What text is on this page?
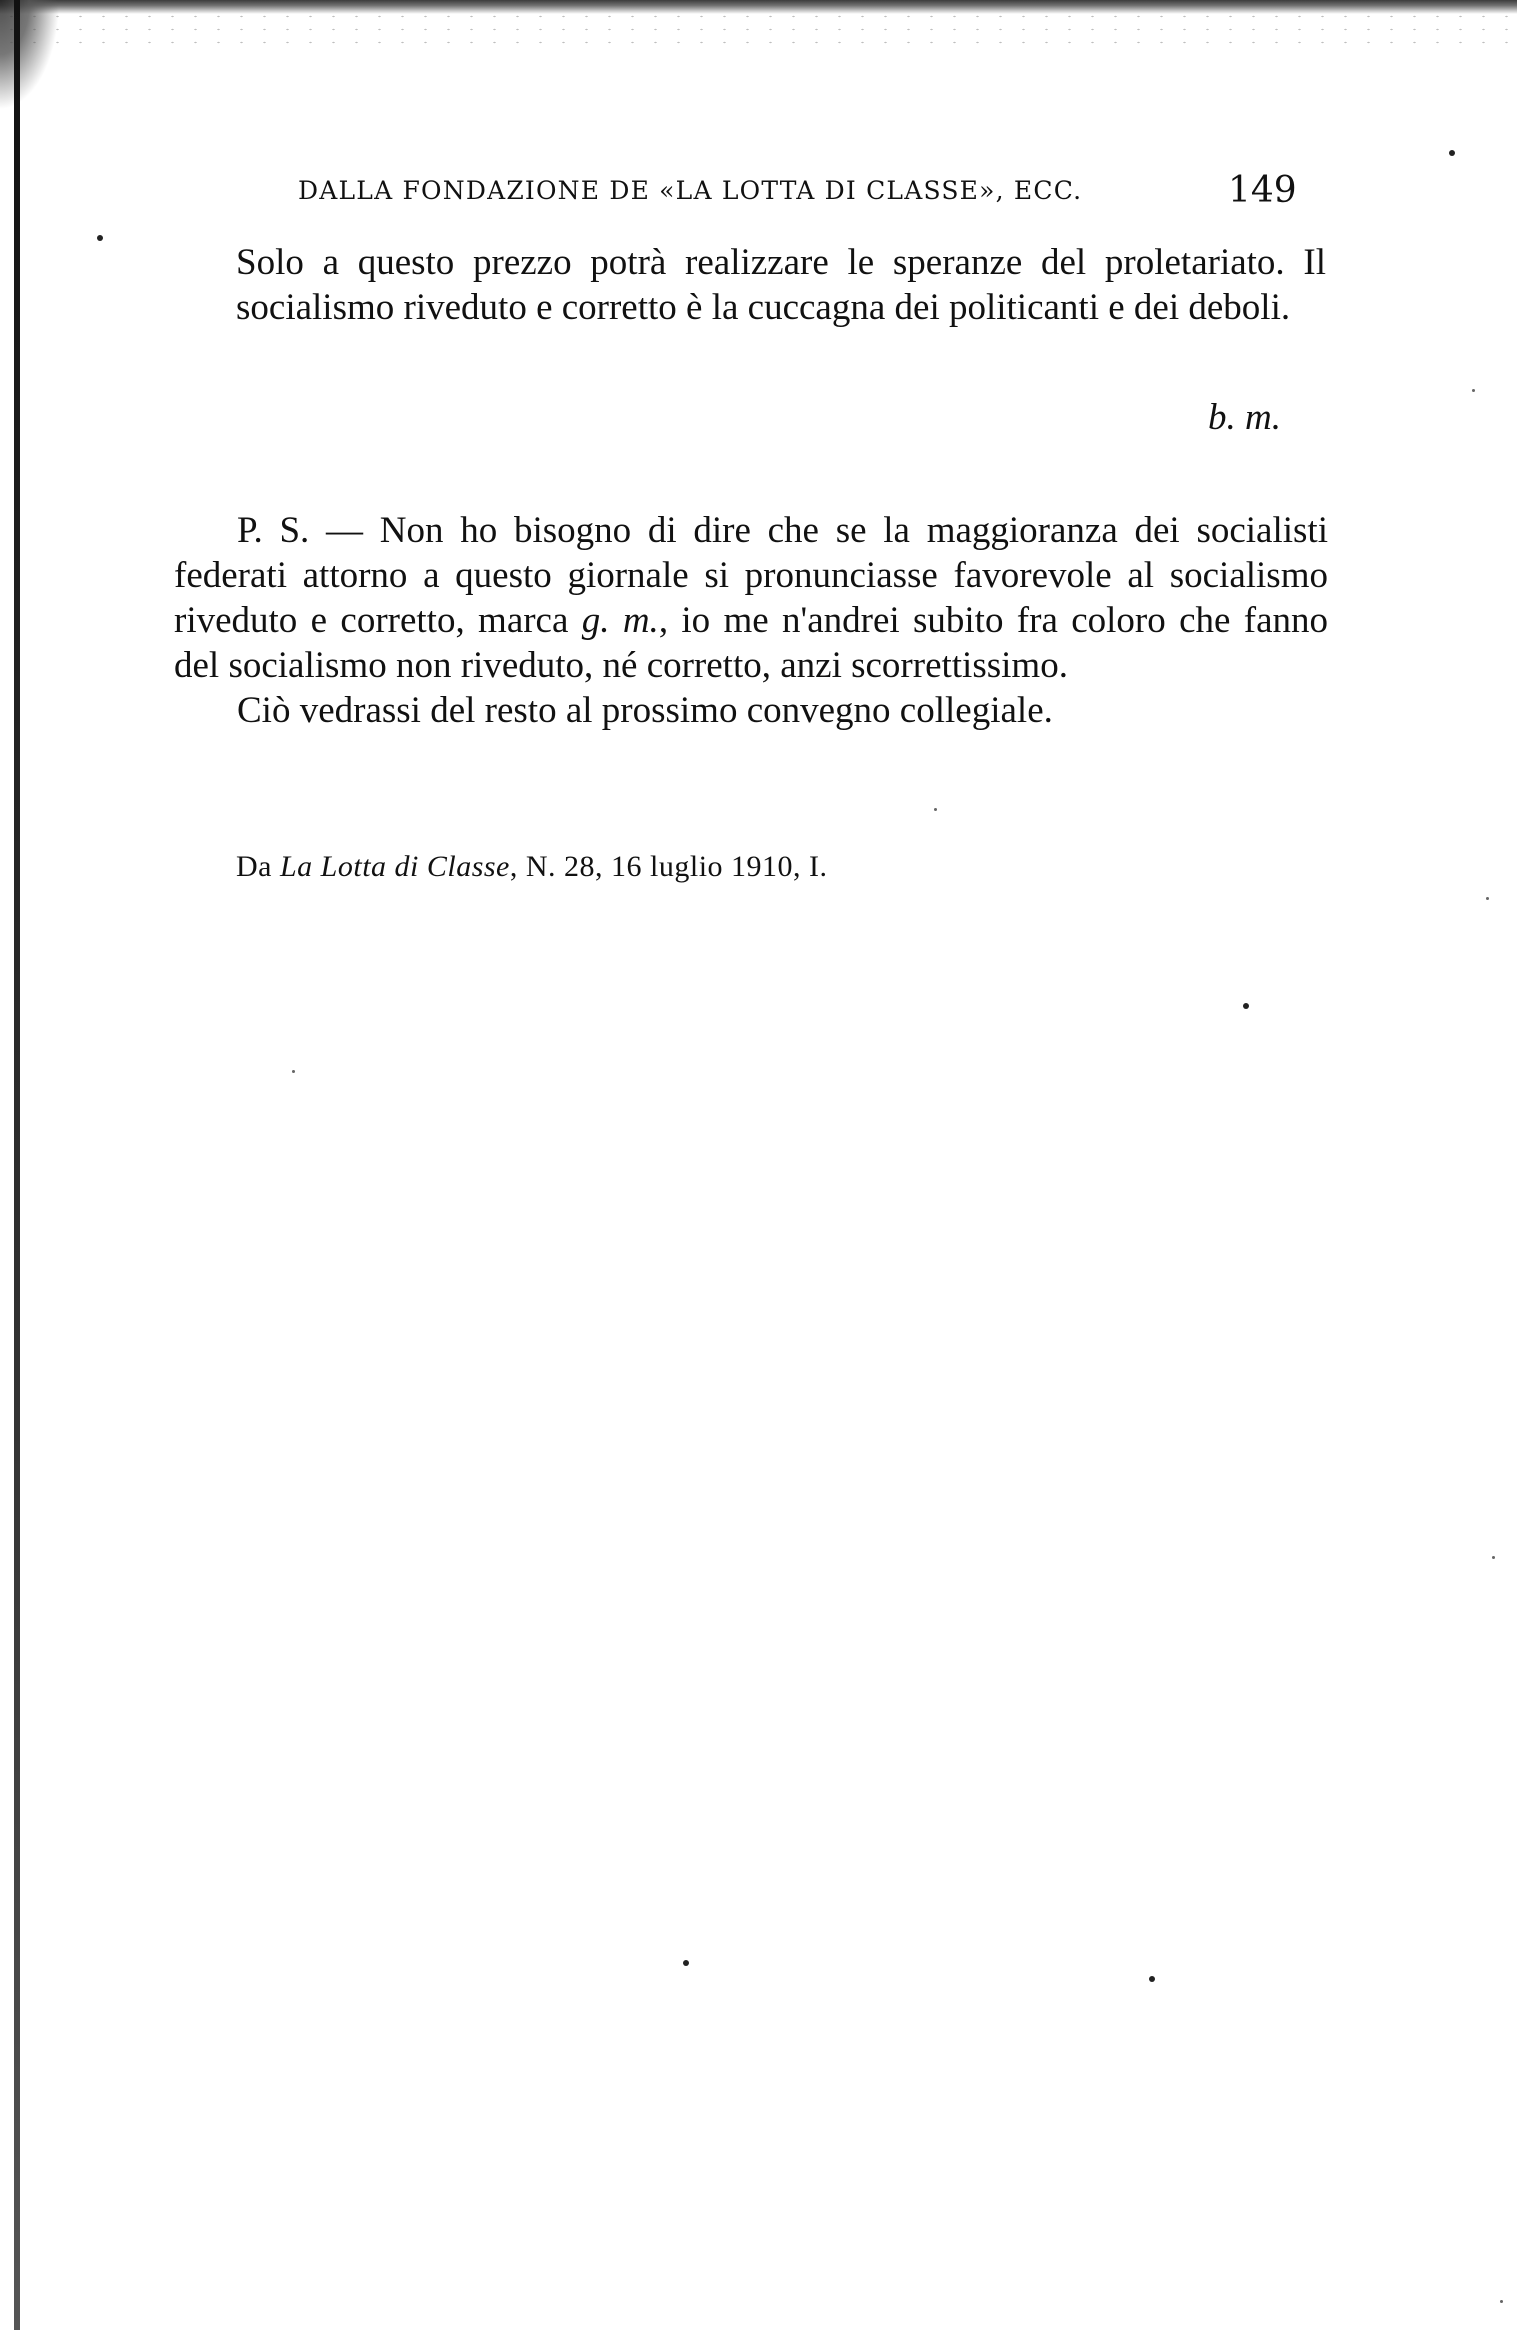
DALLA FONDAZIONE DE «LA LOTTA DI CLASSE», ECC.	149

Solo a questo prezzo potrà realizzare le speranze del proletariato. Il socialismo riveduto e corretto è la cuccagna dei politicanti e dei deboli.

b. m.

P. S. — Non ho bisogno di dire che se la maggioranza dei socialisti federati attorno a questo giornale si pronunciasse favorevole al socialismo riveduto e corretto, marca g. m., io me n'andrei subito fra coloro che fanno del socialismo non riveduto, né corretto, anzi scorrettissimo.

Ciò vedrassi del resto al prossimo convegno collegiale.

Da La Lotta di Classe, N. 28, 16 luglio 1910, I.
